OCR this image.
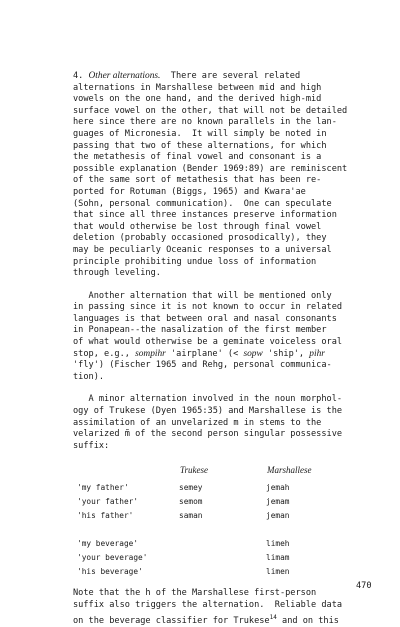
4. Other alternations. There are several related
alternations in Marshallese between mid and high
vowels on the one hand, and the derived high-mid
surface vowel on the other, that will not be detailed
here since there are no known parallels in the lan-
guages of Micronesia.  It will simply be noted in
passing that two of these alternations, for which
the metathesis of final vowel and consonant is a
possible explanation (Bender 1969:89) are reminiscent
of the same sort of metathesis that has been re-
ported for Rotuman (Biggs, 1965) and Kwara'ae
(Sohn, personal communication).  One can speculate
that since all three instances preserve information
that would otherwise be lost through final vowel
deletion (probably occasioned prosodically), they
may be peculiarly Oceanic responses to a universal
principle prohibiting undue loss of information
through leveling.

Another alternation that will be mentioned only
in passing since it is not known to occur in related
languages is that between oral and nasal consonants
in Ponapean--the nasalization of the first member
of what would otherwise be a geminate voiceless oral
stop, e.g., sompihr 'airplane' (< sopw 'ship', pihr
'fly') (Fischer 1965 and Rehg, personal communica-
tion).

A minor alternation involved in the noun morphol-
ogy of Trukese (Dyen 1965:35) and Marshallese is the
assimilation of an unvelarized m in stems to the
velarized m̃ of the second person singular possessive
suffix:

	Trukese	Marshallese
'my father'	semey	jemah
'your father'	semom	jemam
'his father'	saman	jeman

'my beverage'		limeh
'your beverage'		limam
'his beverage'		limen

Note that the h of the Marshallese first-person
suffix also triggers the alternation.  Reliable data
on the beverage classifier for Trukese$^{14}$ and on this

470
